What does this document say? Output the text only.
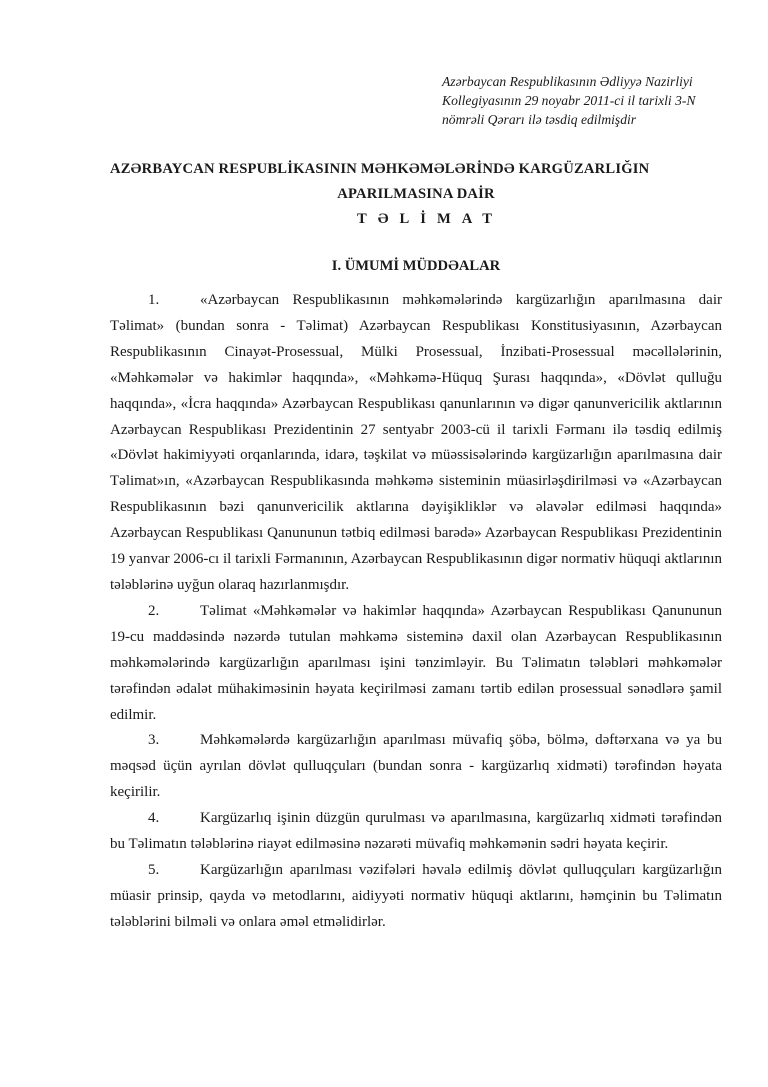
Azərbaycan Respublikasının Ədliyyə Nazirliyi
Kollegiyasının 29 noyabr 2011-ci il tarixli 3-N
nömrəli Qərarı ilə təsdiq edilmişdir
AZƏRBAYCAN RESPUBLİKASININ MƏHKƏMƏLƏRİNDƏ KARGÜZARLIĞIN
APARILMASINA DAİR
TƏLİMAT
I. ÜMUMİ MÜDDƏALAR

1.	«Azərbaycan Respublikasının məhkəmələrində kargüzarlığın aparılmasına dair Təlimat» (bundan sonra - Təlimat) Azərbaycan Respublikası Konstitusiyasının, Azərbaycan Respublikasının Cinayət-Prosessual, Mülki Prosessual, İnzibati-Prosessual məcəllələrinin, «Məhkəmələr və hakimlər haqqında», «Məhkəmə-Hüquq Şurası haqqında», «Dövlət qulluğu haqqında», «İcra haqqında» Azərbaycan Respublikası qanunlarının və digər qanunvericilik aktlarının Azərbaycan Respublikası Prezidentinin 27 sentyabr 2003-cü il tarixli Fərmanı ilə təsdiq edilmiş «Dövlət hakimiyyəti orqanlarında, idarə, təşkilat və müəssisələrində kargüzarlığın aparılmasına dair Təlimat»ın, «Azərbaycan Respublikasında məhkəmə sisteminin müasirləşdirilməsi və «Azərbaycan Respublikasının bəzi qanunvericilik aktlarına dəyişikliklər və əlavələr edilməsi haqqında» Azərbaycan Respublikası Qanununun tətbiq edilməsi barədə» Azərbaycan Respublikası Prezidentinin 19 yanvar 2006-cı il tarixli Fərmanının, Azərbaycan Respublikasının digər normativ hüquqi aktlarının tələblərinə uyğun olaraq hazırlanmışdır.

2.	Təlimat «Məhkəmələr və hakimlər haqqında» Azərbaycan Respublikası Qanununun 19-cu maddəsində nəzərdə tutulan məhkəmə sisteminə daxil olan Azərbaycan Respublikasının məhkəmələrində kargüzarlığın aparılması işini tənzimləyir. Bu Təlimatın tələbləri məhkəmələr tərəfindən ədalət mühakiməsinin həyata keçirilməsi zamanı tərtib edilən prosessual sənədlərə şamil edilmir.

3.	Məhkəmələrdə kargüzarlığın aparılması müvafiq şöbə, bölmə, dəftərxana və ya bu məqsəd üçün ayrılan dövlət qulluqçuları (bundan sonra - kargüzarlıq xidməti) tərəfindən həyata keçirilir.

4.	Kargüzarlıq işinin düzgün qurulması və aparılmasına, kargüzarlıq xidməti tərəfindən bu Təlimatın tələblərinə riayət edilməsinə nəzarəti müvafiq məhkəmənin sədri həyata keçirir.

5.	Kargüzarlığın aparılması vəzifələri həvalə edilmiş dövlət qulluqçuları kargüzarlığın müasir prinsip, qayda və metodlarını, aidiyyəti normativ hüquqi aktlarını, həmçinin bu Təlimatın tələblərini bilməli və onlara əməl etməlidirlər.
